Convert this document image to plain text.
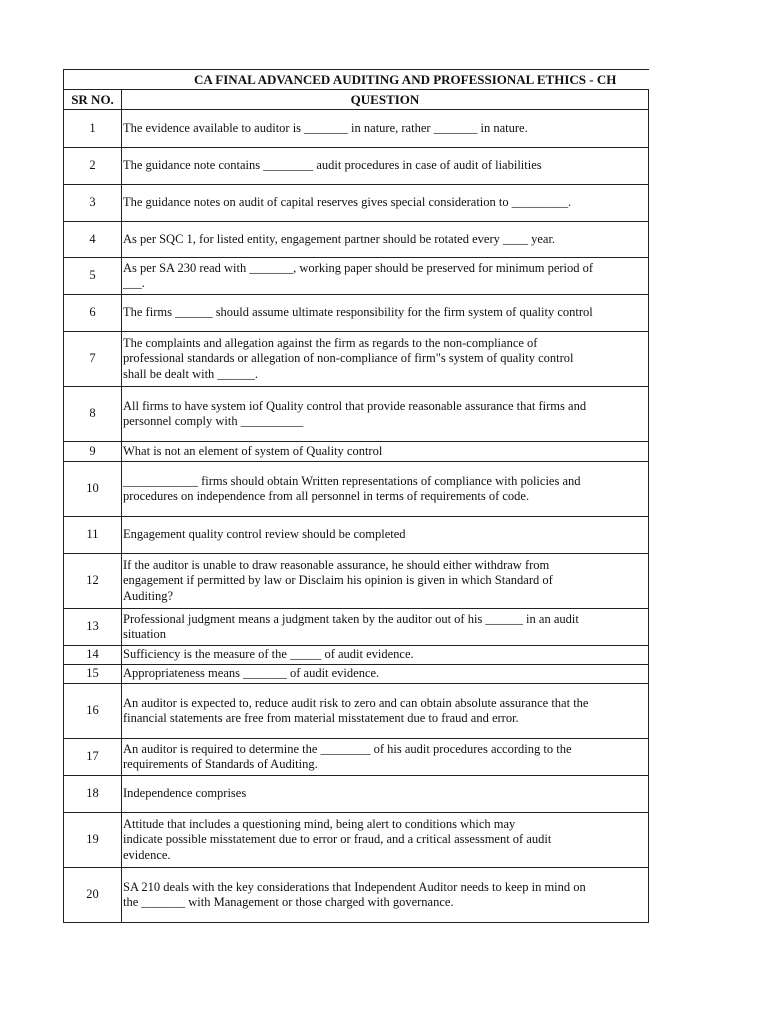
CA FINAL ADVANCED AUDITING AND PROFESSIONAL ETHICS - CH	
SR NO.	QUESTION
1	The evidence available to auditor is _______ in nature, rather _______ in nature.

2	The guidance note contains ________ audit procedures in case of audit of liabilities

3	The guidance notes on audit of capital reserves gives special consideration to _________.

4	As per SQC 1, for listed entity, engagement partner should be rotated every ____ year.

5	As per SA 230 read with _______, working paper should be preserved for minimum period of
___.

6	The firms ______ should assume ultimate responsibility for the firm system of quality control

7	The complaints and allegation against the firm as regards to the non-compliance of
professional standards or allegation of non-compliance of firm"s system of quality control
shall be dealt with ______.

8	All firms to have system iof Quality control that provide reasonable assurance that firms and
personnel comply with __________

9	What is not an element of system of Quality control

10	____________ firms should obtain Written representations of compliance with policies and
procedures on independence from all personnel in terms of requirements of code.

11	Engagement quality control review should be completed

12	If the auditor is unable to draw reasonable assurance, he should either withdraw from
engagement if permitted by law or Disclaim his opinion is given in which Standard of
Auditing?

13	Professional judgment means a judgment taken by the auditor out of his ______ in an audit
situation

14	Sufficiency is the measure of the _____ of audit evidence.

15	Appropriateness means _______ of audit evidence.

16	An auditor is expected to, reduce audit risk to zero and can obtain absolute assurance that the
financial statements are free from material misstatement due to fraud and error.

17	An auditor is required to determine the ________ of his audit procedures according to the
requirements of Standards of Auditing.

18	Independence comprises

19	Attitude that includes a questioning mind, being alert to conditions which may
indicate possible misstatement due to error or fraud, and a critical assessment of audit
evidence.

20	SA 210 deals with the key considerations that Independent Auditor needs to keep in mind on
the _______ with Management or those charged with governance.
